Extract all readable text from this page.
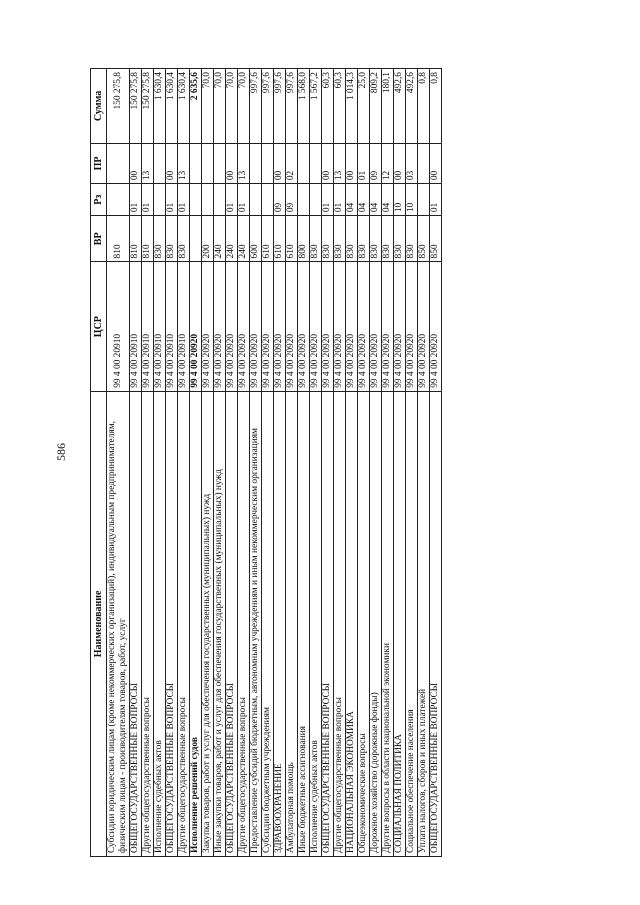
586
Наименование	ЦСР	ВР	Рз	ПР	Сумма
Субсидии юридическим лицам (кроме некоммерческих организаций), индивидуальным предпринимателям, физическим лицам - производителям товаров, работ, услуг	99 4 00 20910	810			150 275,8
ОБЩЕГОСУДАРСТВЕННЫЕ ВОПРОСЫ	99 4 00 20910	810	01	00	150 275,8
Другие общегосударственные вопросы	99 4 00 20910	810	01	13	150 275,8
Исполнение судебных актов	99 4 00 20910	830			1 630,4
ОБЩЕГОСУДАРСТВЕННЫЕ ВОПРОСЫ	99 4 00 20910	830	01	00	1 630,4
Другие общегосударственные вопросы	99 4 00 20910	830	01	13	1 630,4
Исполнение решений судов	99 4 00 20920				2 635,6
Закупка товаров, работ и услуг для обеспечения государственных (муниципальных) нужд	99 4 00 20920	200			70,0
Иные закупки товаров, работ и услуг для обеспечения государственных (муниципальных) нужд	99 4 00 20920	240			70,0
ОБЩЕГОСУДАРСТВЕННЫЕ ВОПРОСЫ	99 4 00 20920	240	01	00	70,0
Другие общегосударственные вопросы	99 4 00 20920	240	01	13	70,0
Предоставление субсидий бюджетным, автономным учреждениям и иным некоммерческим организациям	99 4 00 20920	600			997,6
Субсидии бюджетным учреждениям	99 4 00 20920	610			997,6
ЗДРАВООХРАНЕНИЕ	99 4 00 20920	610	09	00	997,6
Амбулаторная помощь	99 4 00 20920	610	09	02	997,6
Иные бюджетные ассигнования	99 4 00 20920	800			1 568,0
Исполнение судебных актов	99 4 00 20920	830			1 567,2
ОБЩЕГОСУДАРСТВЕННЫЕ ВОПРОСЫ	99 4 00 20920	830	01	00	60,3
Другие общегосударственные вопросы	99 4 00 20920	830	01	13	60,3
НАЦИОНАЛЬНАЯ ЭКОНОМИКА	99 4 00 20920	830	04	00	1 014,3
Общеэкономические вопросы	99 4 00 20920	830	04	01	25,0
Дорожное хозяйство (дорожные фонды)	99 4 00 20920	830	04	09	809,2
Другие вопросы в области национальной экономики	99 4 00 20920	830	04	12	180,1
СОЦИАЛЬНАЯ ПОЛИТИКА	99 4 00 20920	830	10	00	492,6
Социальное обеспечение населения	99 4 00 20920	830	10	03	492,6
Уплата налогов, сборов и иных платежей	99 4 00 20920	850			0,8
ОБЩЕГОСУДАРСТВЕННЫЕ ВОПРОСЫ	99 4 00 20920	850	01	00	0,8
